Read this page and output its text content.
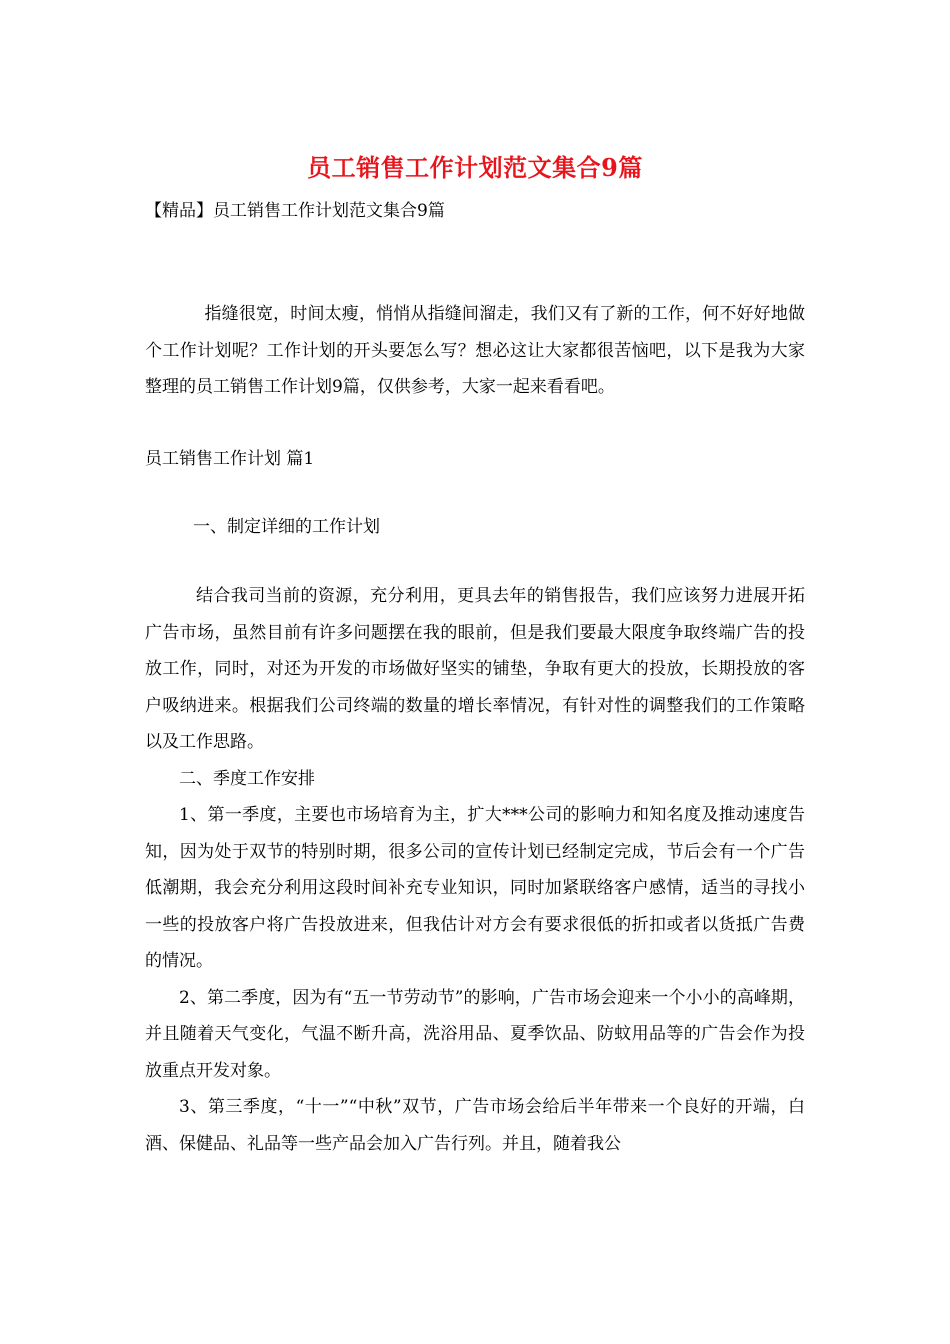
员工销售工作计划范文集合9篇
【精品】员工销售工作计划范文集合9篇

指缝很宽，时间太瘦，悄悄从指缝间溜走，我们又有了新的工作，何不好好地做个工作计划呢？工作计划的开头要怎么写？想必这让大家都很苦恼吧，以下是我为大家整理的员工销售工作计划9篇，仅供参考，大家一起来看看吧。

员工销售工作计划 篇1
一、制定详细的工作计划

结合我司当前的资源，充分利用，更具去年的销售报告，我们应该努力进展开拓广告市场，虽然目前有许多问题摆在我的眼前，但是我们要最大限度争取终端广告的投放工作，同时，对还为开发的市场做好坚实的铺垫，争取有更大的投放，长期投放的客户吸纳进来。根据我们公司终端的数量的增长率情况，有针对性的调整我们的工作策略以及工作思路。

二、季度工作安排

1、第一季度，主要也市场培育为主，扩大***公司的影响力和知名度及推动速度告知，因为处于双节的特别时期，很多公司的宣传计划已经制定完成，节后会有一个广告低潮期，我会充分利用这段时间补充专业知识，同时加紧联络客户感情，适当的寻找小一些的投放客户将广告投放进来，但我估计对方会有要求很低的折扣或者以货抵广告费的情况。

2、第二季度，因为有“五一节劳动节”的影响，广告市场会迎来一个小小的高峰期，并且随着天气变化，气温不断升高，洗浴用品、夏季饮品、防蚊用品等的广告会作为投放重点开发对象。

3、第三季度，“十一”“中秋”双节，广告市场会给后半年带来一个良好的开端，白酒、保健品、礼品等一些产品会加入广告行列。并且，随着我公
